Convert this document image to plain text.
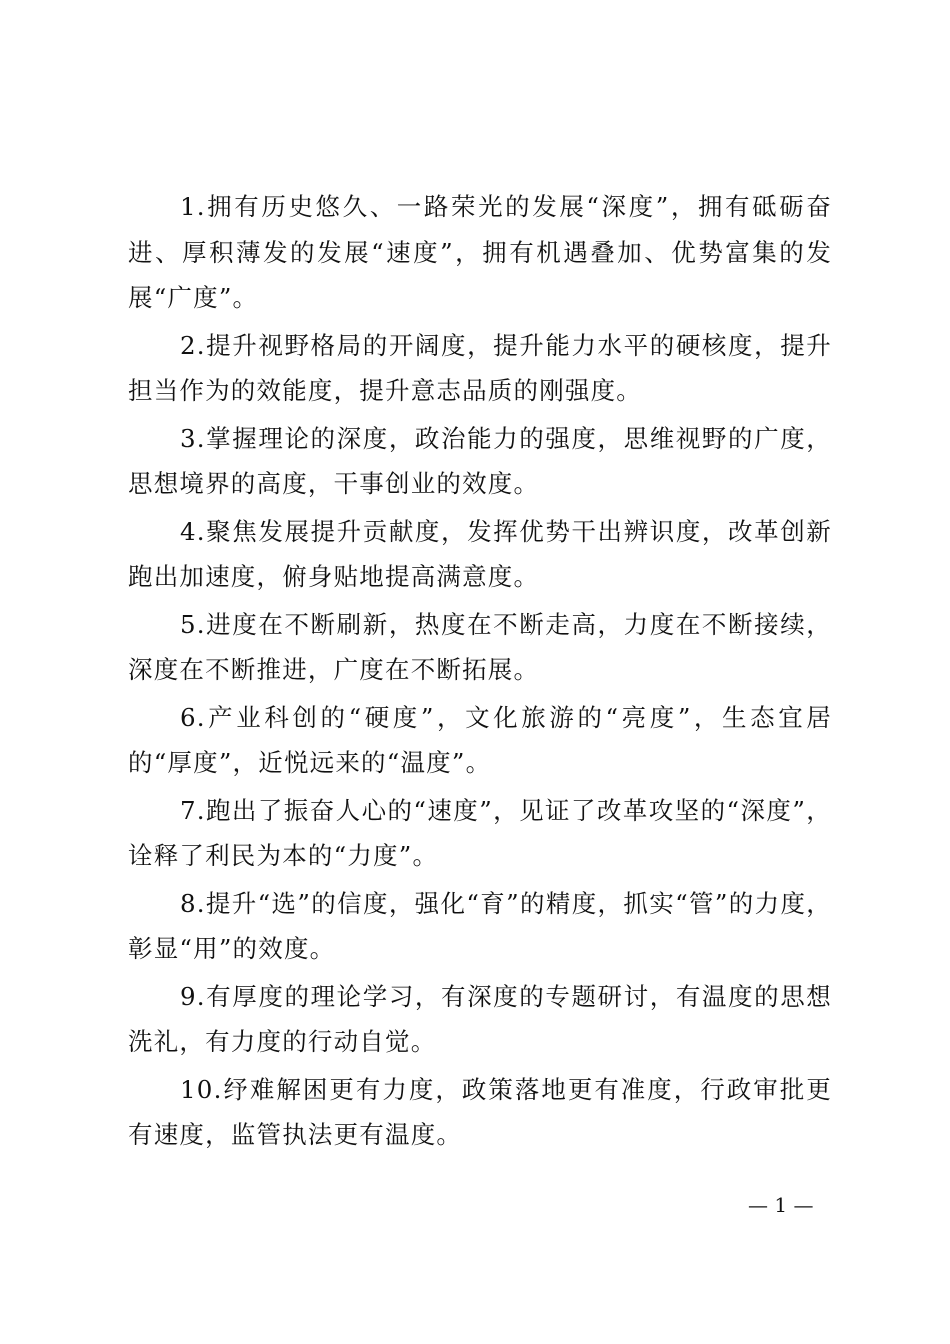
1.拥有历史悠久、一路荣光的发展“深度”，拥有砥砺奋进、厚积薄发的发展“速度”，拥有机遇叠加、优势富集的发展“广度”。

2.提升视野格局的开阔度，提升能力水平的硬核度，提升担当作为的效能度，提升意志品质的刚强度。

3.掌握理论的深度，政治能力的强度，思维视野的广度，思想境界的高度，干事创业的效度。

4.聚焦发展提升贡献度，发挥优势干出辨识度，改革创新跑出加速度，俯身贴地提高满意度。

5.进度在不断刷新，热度在不断走高，力度在不断接续，深度在不断推进，广度在不断拓展。

6.产业科创的“硬度”，文化旅游的“亮度”，生态宜居的“厚度”，近悦远来的“温度”。

7.跑出了振奋人心的“速度”，见证了改革攻坚的“深度”，诠释了利民为本的“力度”。

8.提升“选”的信度，强化“育”的精度，抓实“管”的力度，彰显“用”的效度。

9.有厚度的理论学习，有深度的专题研讨，有温度的思想洗礼，有力度的行动自觉。

10.纾难解困更有力度，政策落地更有准度，行政审批更有速度，监管执法更有温度。

— 1 —
